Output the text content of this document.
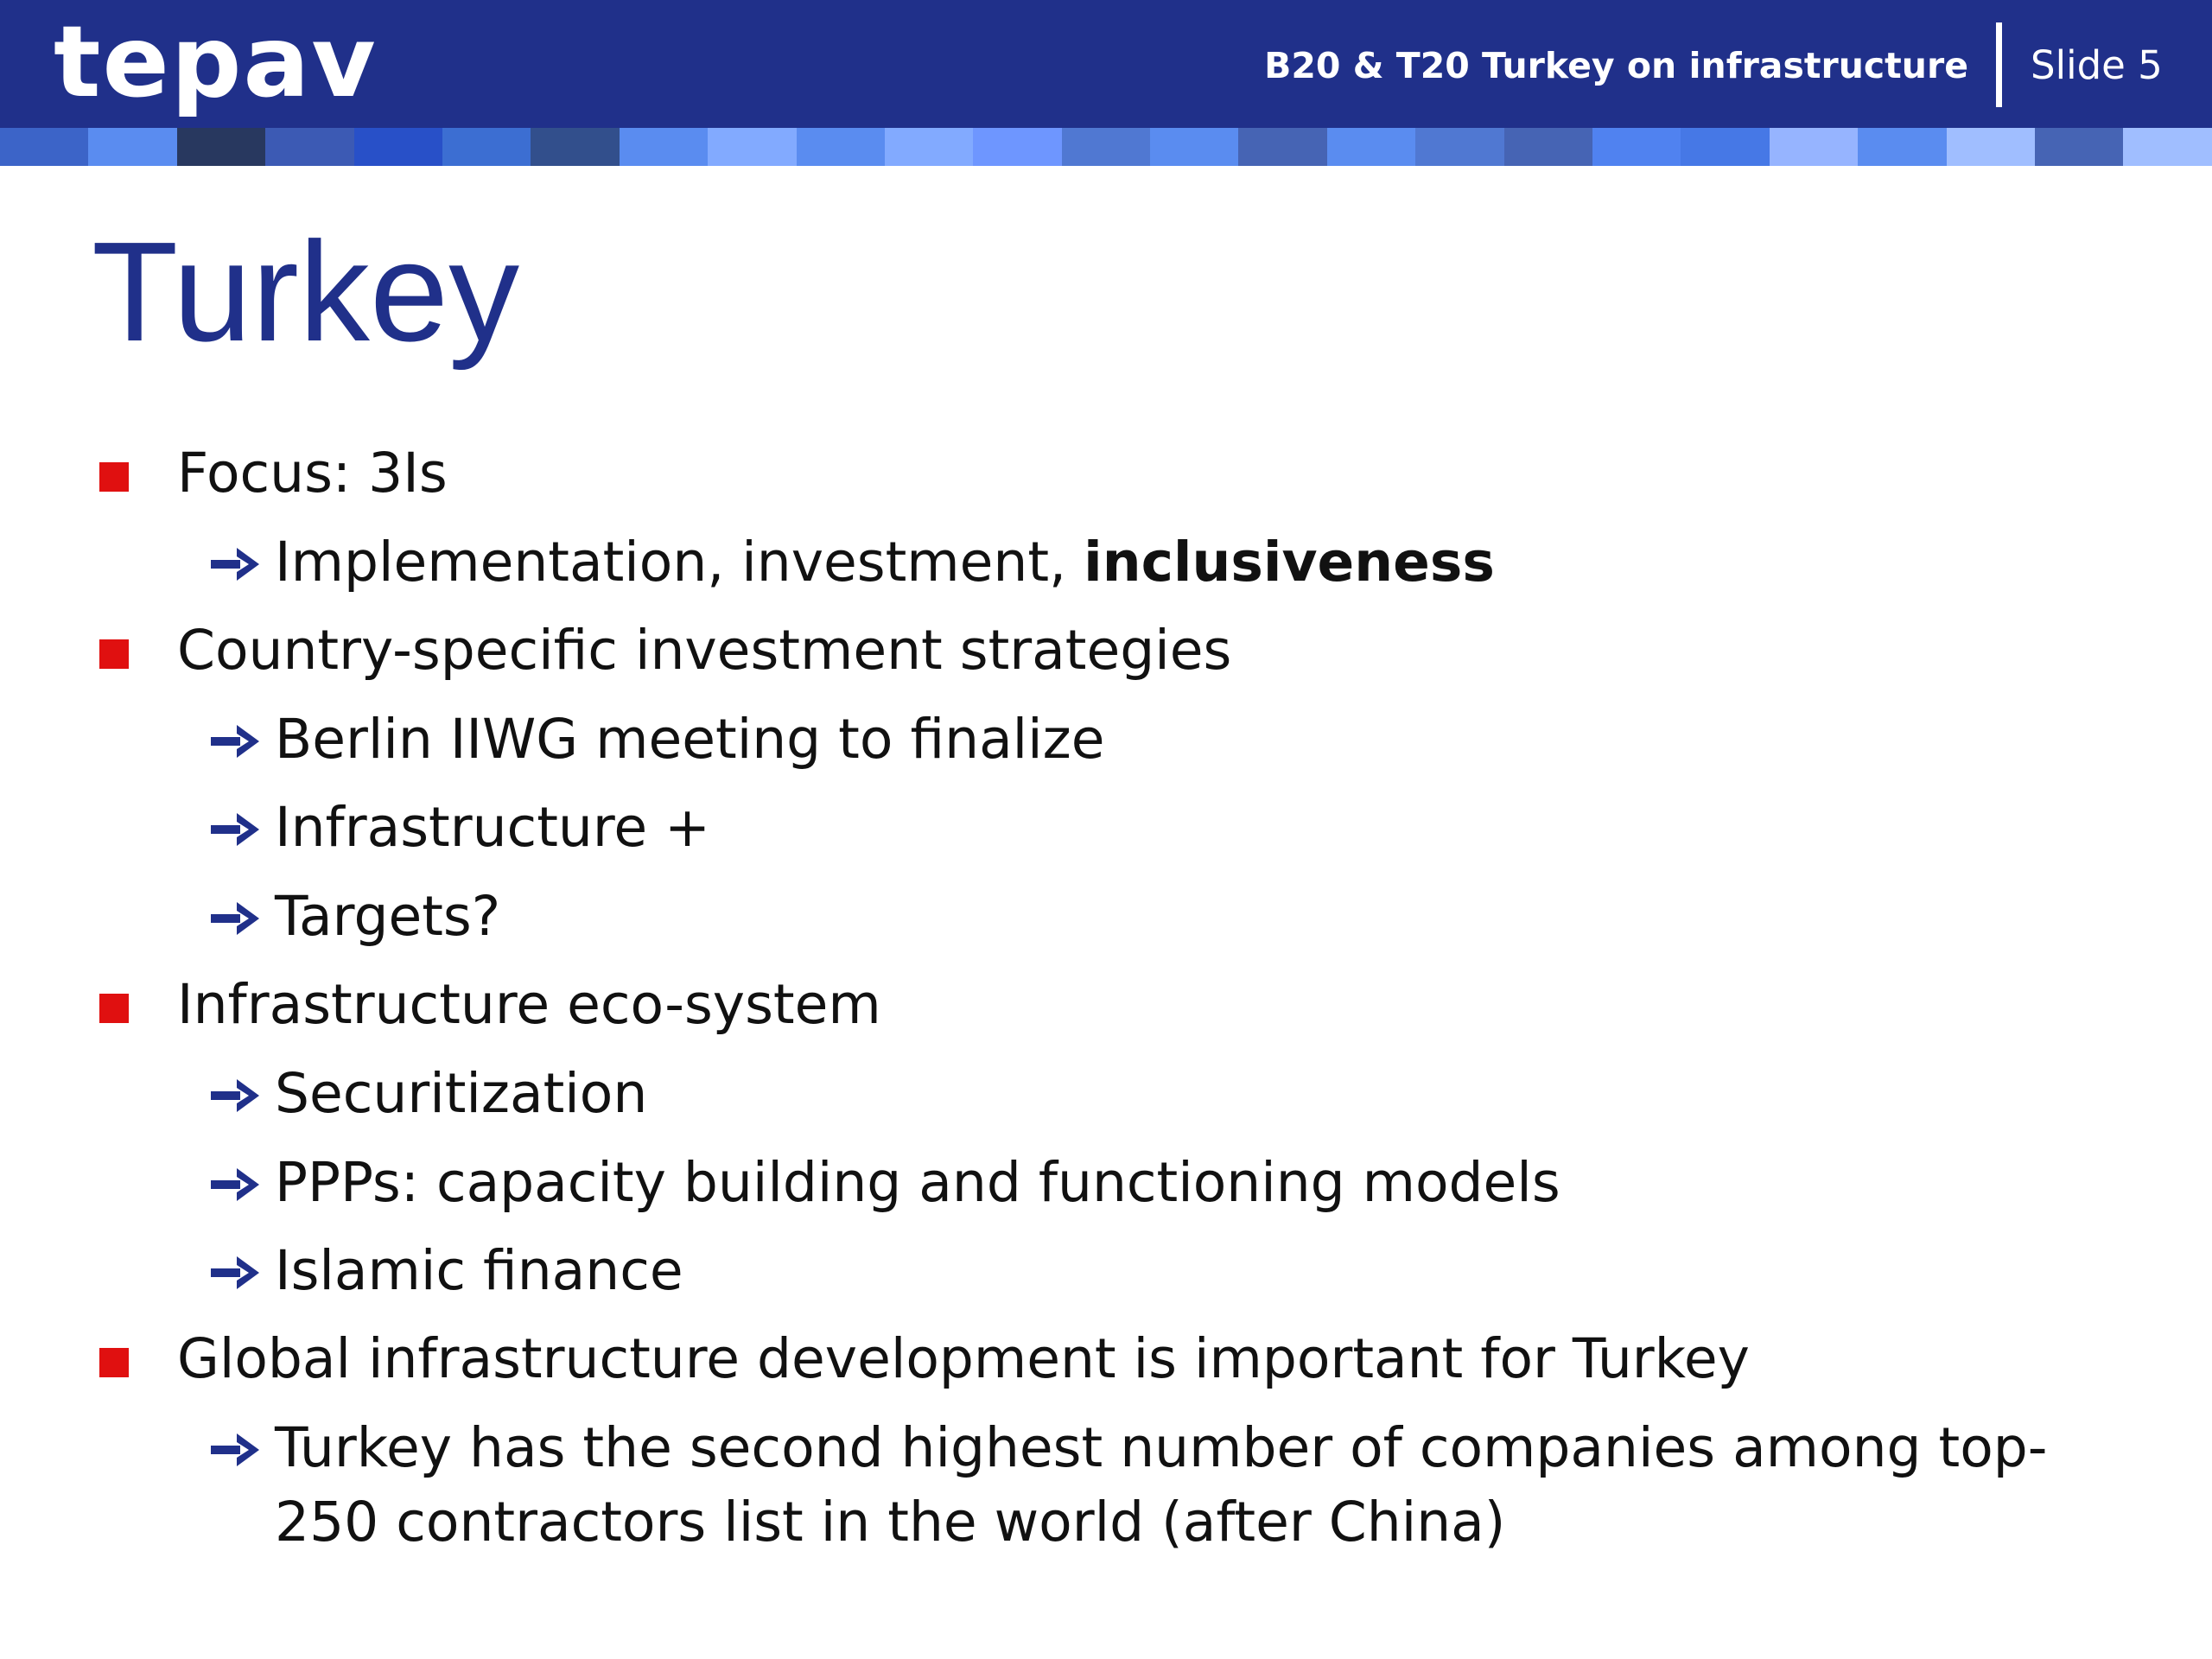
tepav	B20 & T20 Turkey on infrastructure Slide 5
Turkey
Focus: 3Is
Implementation, investment, inclusiveness
Country-specific investment strategies
Berlin IIWG meeting to finalize
Infrastructure +
Targets?
Infrastructure eco-system
Securitization
PPPs: capacity building and functioning models
Islamic finance
Global infrastructure development is important for Turkey
Turkey has the second highest number of companies among top-250 contractors list in the world (after China)
